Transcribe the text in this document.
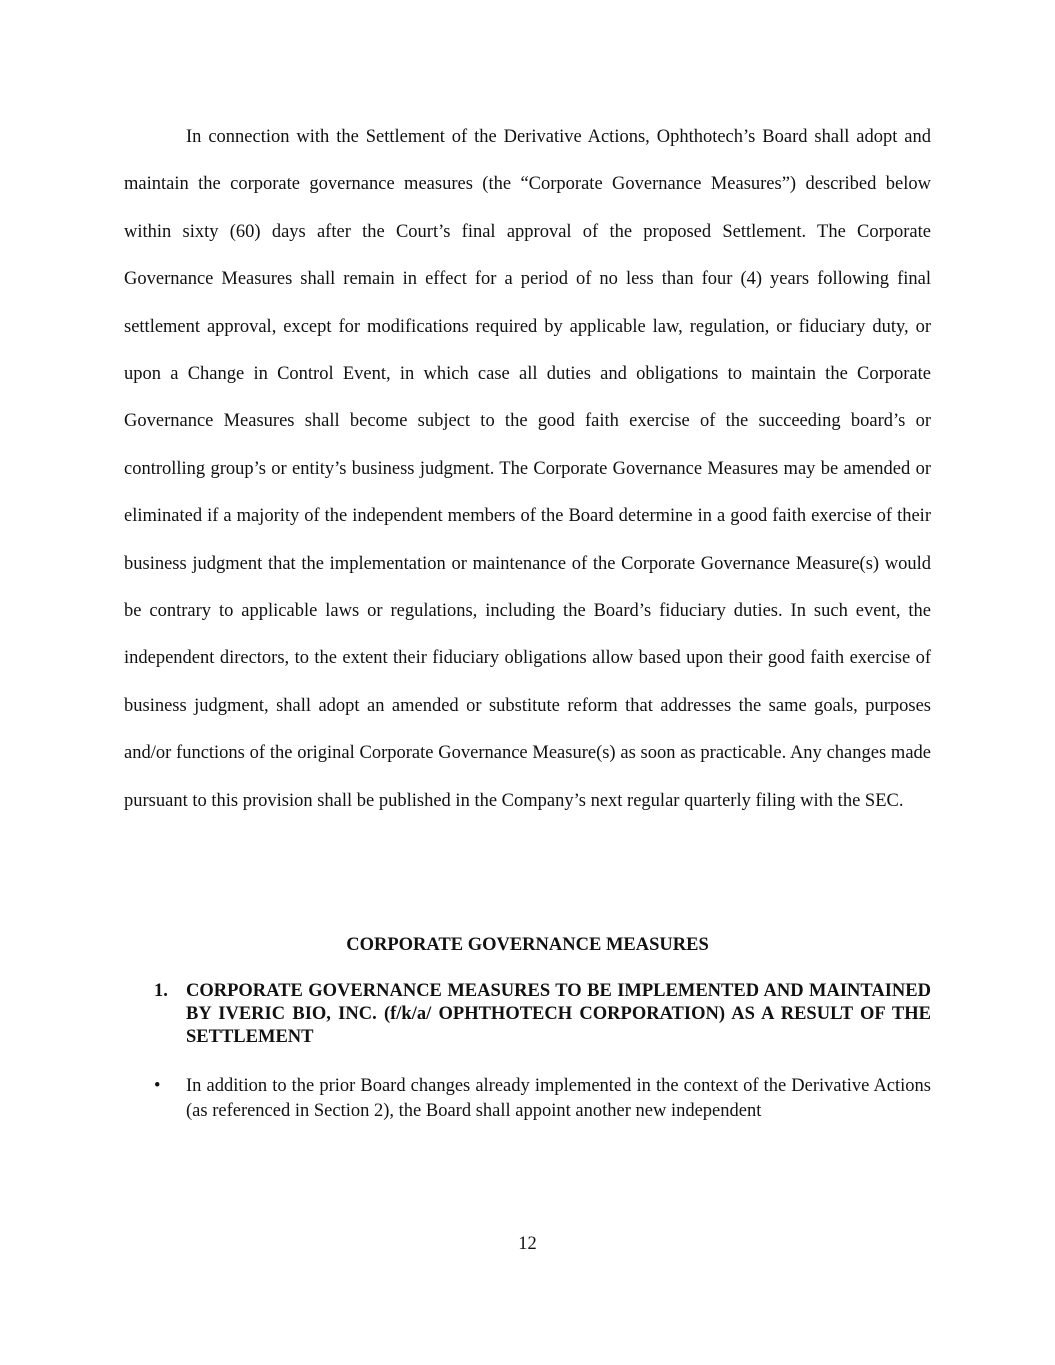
In connection with the Settlement of the Derivative Actions, Ophthotech’s Board shall adopt and maintain the corporate governance measures (the “Corporate Governance Measures”) described below within sixty (60) days after the Court’s final approval of the proposed Settlement. The Corporate Governance Measures shall remain in effect for a period of no less than four (4) years following final settlement approval, except for modifications required by applicable law, regulation, or fiduciary duty, or upon a Change in Control Event, in which case all duties and obligations to maintain the Corporate Governance Measures shall become subject to the good faith exercise of the succeeding board’s or controlling group’s or entity’s business judgment. The Corporate Governance Measures may be amended or eliminated if a majority of the independent members of the Board determine in a good faith exercise of their business judgment that the implementation or maintenance of the Corporate Governance Measure(s) would be contrary to applicable laws or regulations, including the Board’s fiduciary duties. In such event, the independent directors, to the extent their fiduciary obligations allow based upon their good faith exercise of business judgment, shall adopt an amended or substitute reform that addresses the same goals, purposes and/or functions of the original Corporate Governance Measure(s) as soon as practicable. Any changes made pursuant to this provision shall be published in the Company’s next regular quarterly filing with the SEC.

CORPORATE GOVERNANCE MEASURES
1. CORPORATE GOVERNANCE MEASURES TO BE IMPLEMENTED AND MAINTAINED BY IVERIC BIO, INC. (f/k/a/ OPHTHOTECH CORPORATION) AS A RESULT OF THE SETTLEMENT
• In addition to the prior Board changes already implemented in the context of the Derivative Actions (as referenced in Section 2), the Board shall appoint another new independent
12
